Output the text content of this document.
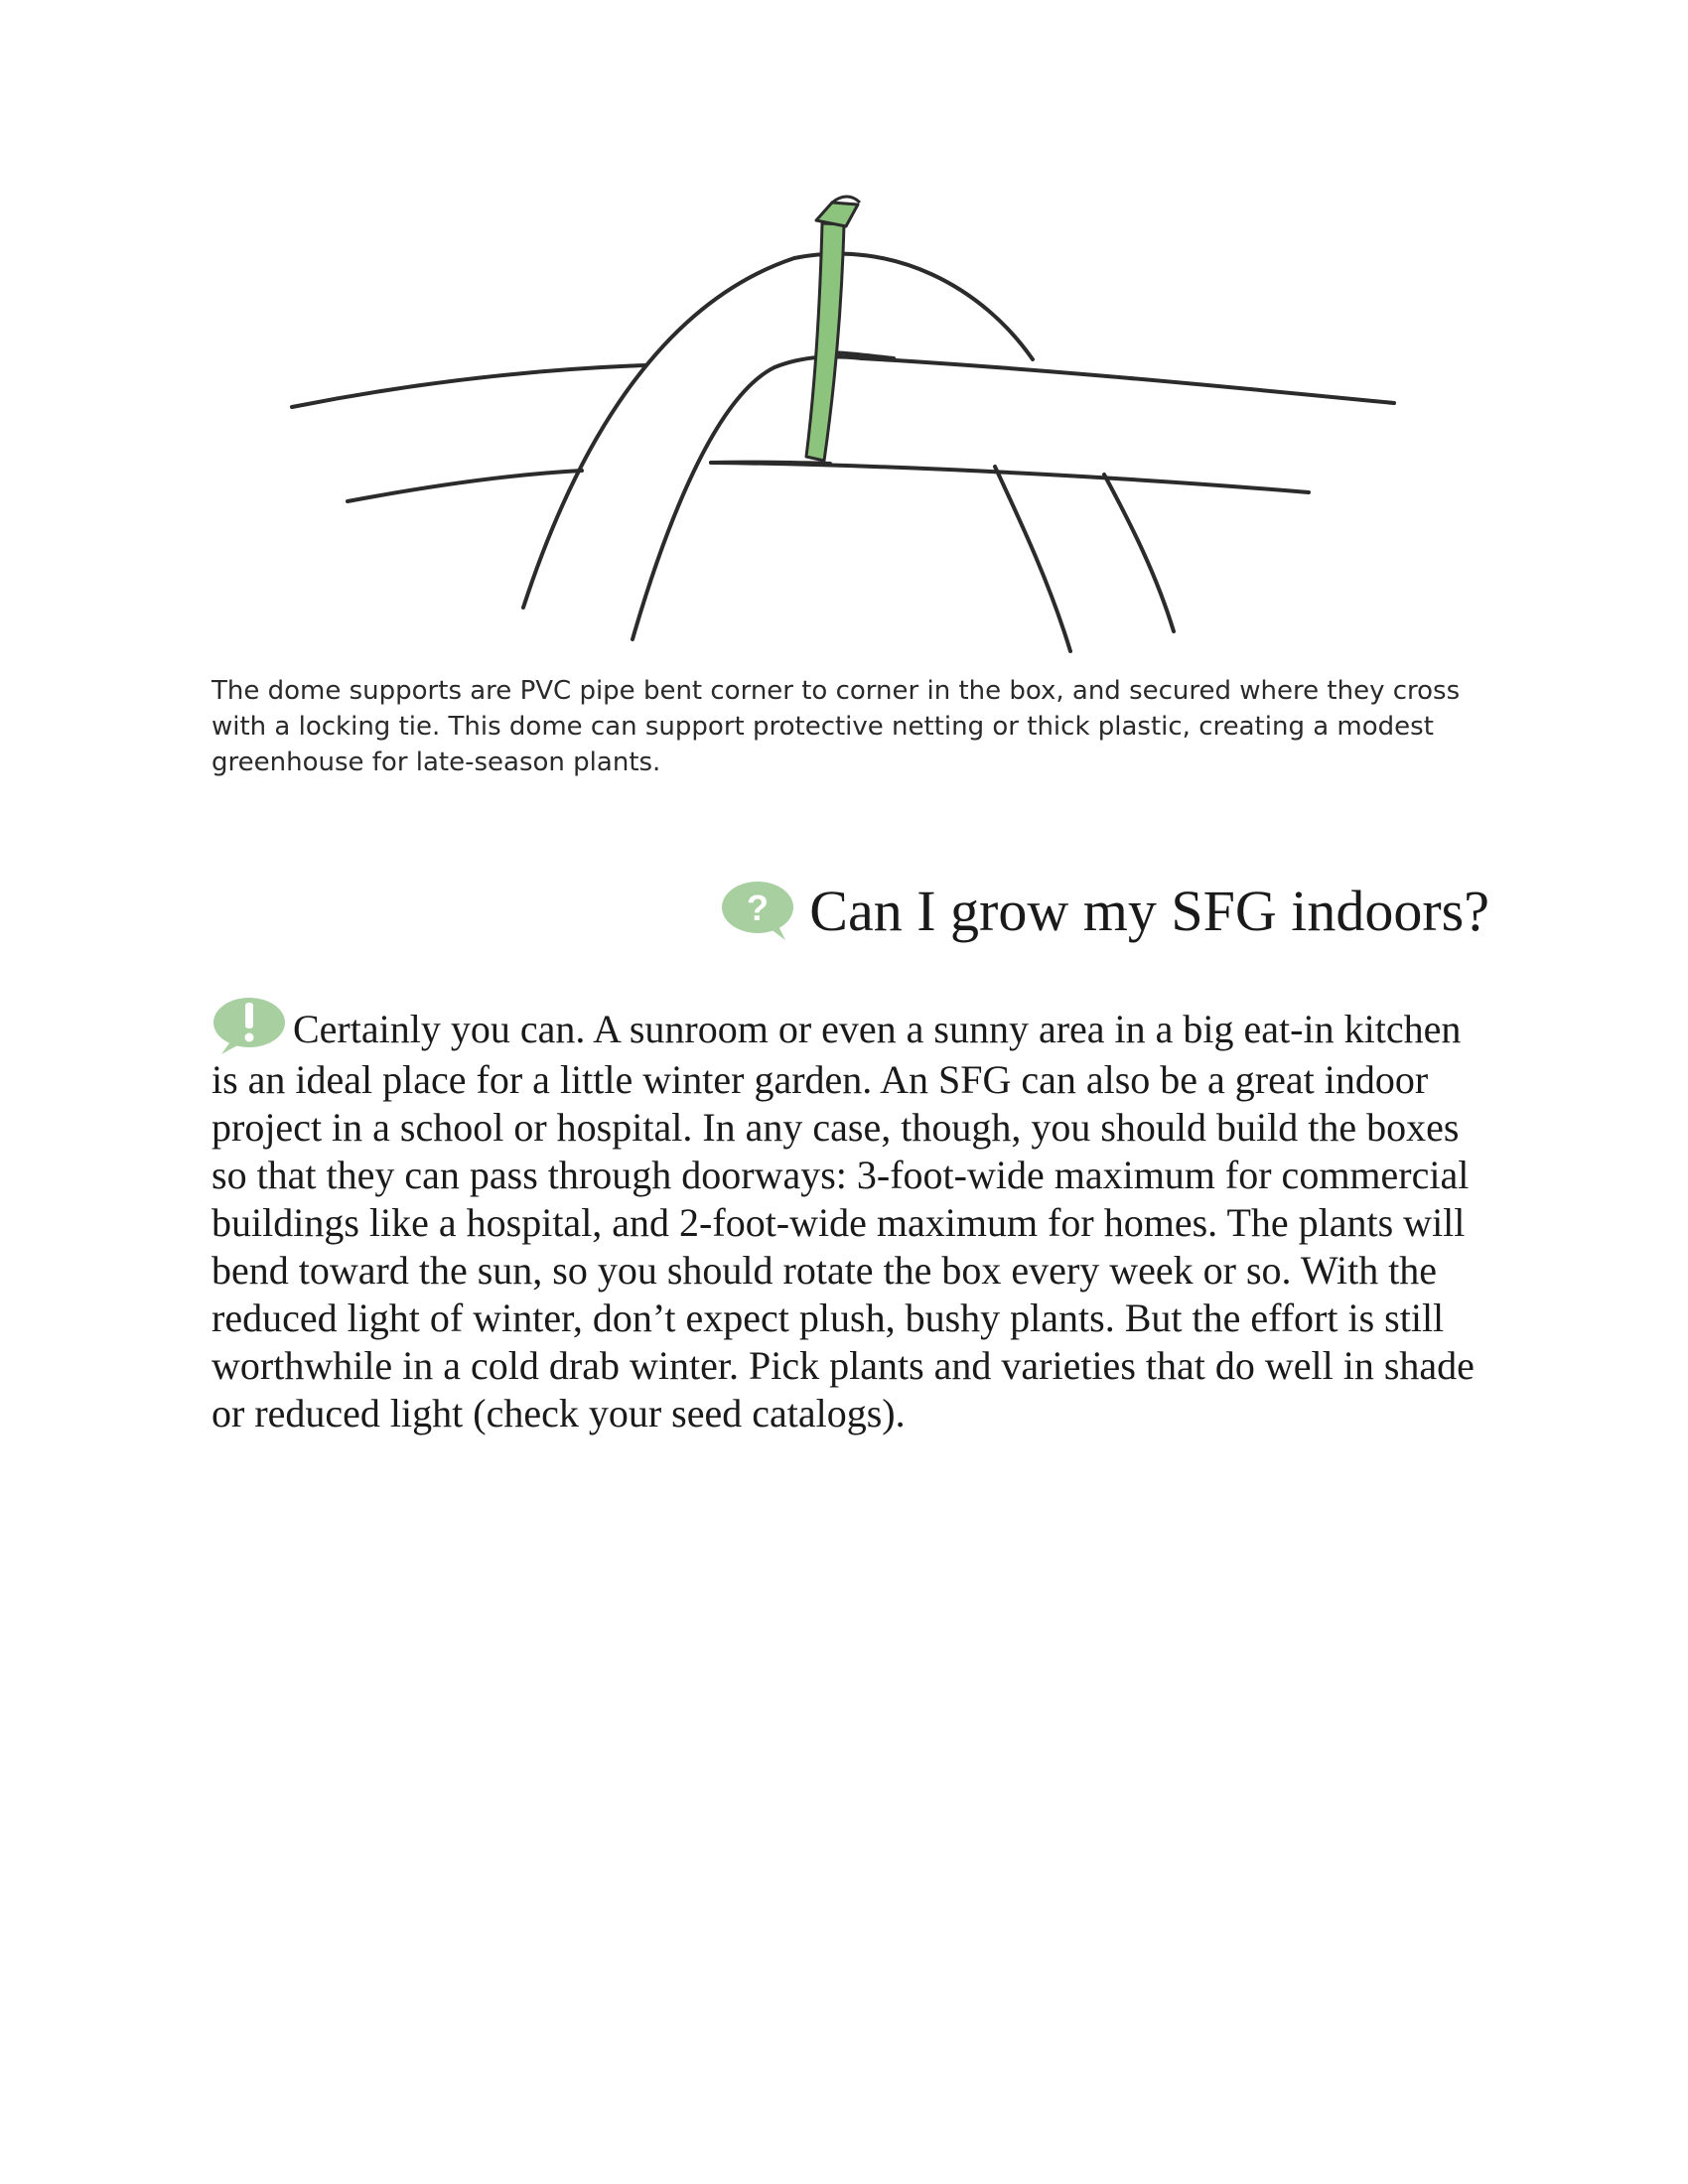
The dome supports are PVC pipe bent corner to corner in the box, and secured where they cross with a locking tie. This dome can support protective netting or thick plastic, creating a modest greenhouse for late-season plants.

? Can I grow my SFG indoors?

Certainly you can. A sunroom or even a sunny area in a big eat-in kitchen is an ideal place for a little winter garden. An SFG can also be a great indoor project in a school or hospital. In any case, though, you should build the boxes so that they can pass through doorways: 3-foot-wide maximum for commercial buildings like a hospital, and 2-foot-wide maximum for homes. The plants will bend toward the sun, so you should rotate the box every week or so. With the reduced light of winter, don’t expect plush, bushy plants. But the effort is still worthwhile in a cold drab winter. Pick plants and varieties that do well in shade or reduced light (check your seed catalogs).
